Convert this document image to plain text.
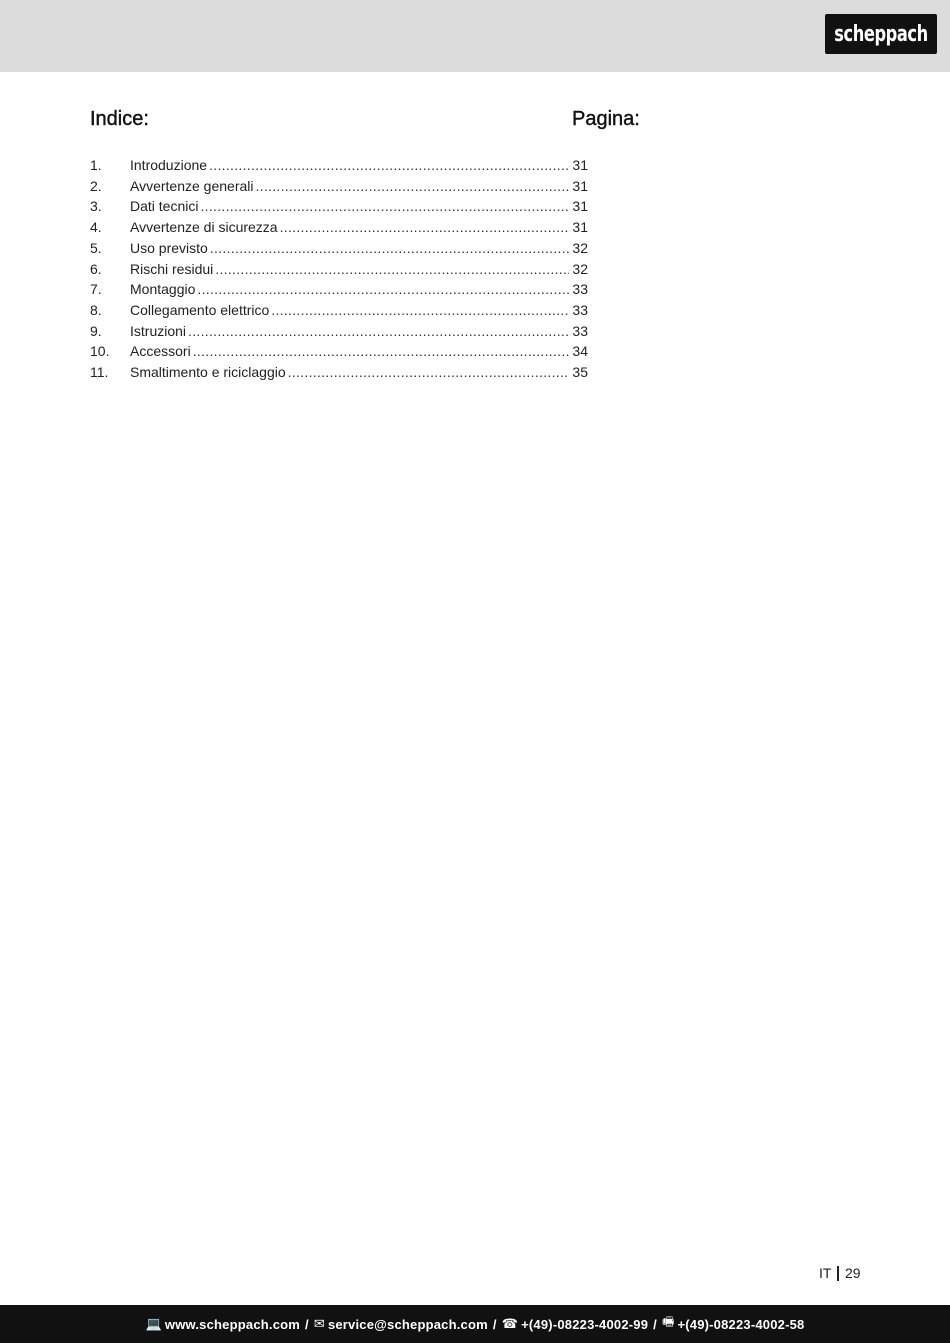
scheppach
Indice:	Pagina:
1.	Introduzione .....	31
2.	Avvertenze generali .....	31
3.	Dati tecnici .....	31
4.	Avvertenze di sicurezza .....	31
5.	Uso previsto .....	32
6.	Rischi residui .....	32
7.	Montaggio .....	33
8.	Collegamento elettrico .....	33
9.	Istruzioni .....	33
10.	Accessori .....	34
11.	Smaltimento e riciclaggio .....	35
IT 29
💻 www.scheppach.com / ✉ service@scheppach.com / ☎ +(49)-08223-4002-99 / 🖷 +(49)-08223-4002-58
